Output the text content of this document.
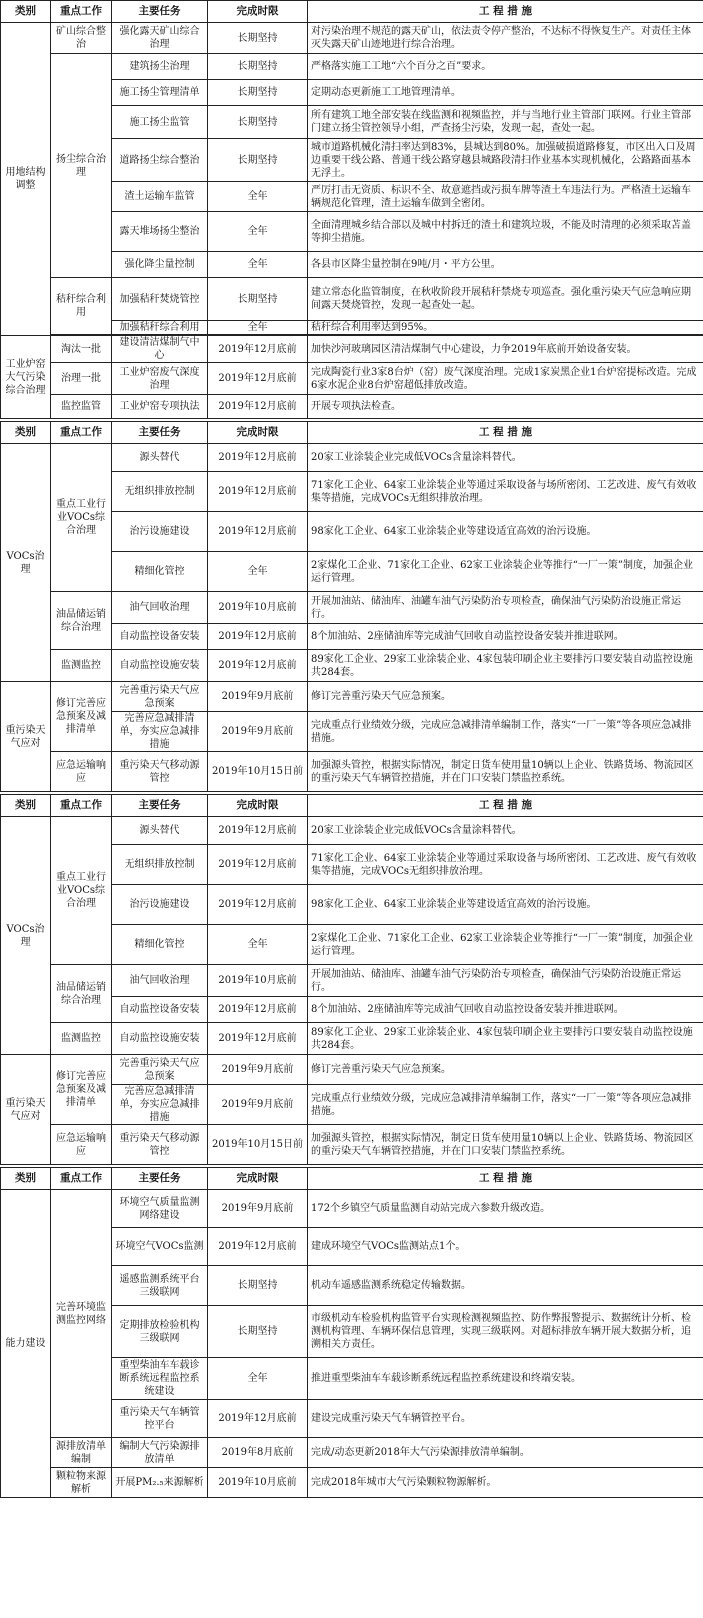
类别	重点工作	主要任务	完成时限	工 程 措 施
用地结构调整	矿山综合整治	强化露天矿山综合治理	长期坚持	对污染治理不规范的露天矿山，依法责令停产整治，不达标不得恢复生产。对责任主体灭失露天矿山迹地进行综合治理。
	扬尘综合治理	建筑扬尘治理	长期坚持	严格落实施工工地“六个百分之百”要求。
		施工扬尘管理清单	长期坚持	定期动态更新施工工地管理清单。
		施工扬尘监管	长期坚持	所有建筑工地全部安装在线监测和视频监控，并与当地行业主管部门联网。行业主管部门建立扬尘管控领导小组，严查扬尘污染，发现一起，查处一起。
		道路扬尘综合整治	长期坚持	城市道路机械化清扫率达到83%，县城达到80%。加强破损道路修复，市区出入口及周边重要干线公路、普通干线公路穿越县城路段清扫作业基本实现机械化，公路路面基本无浮土。
		渣土运输车监管	全年	严厉打击无资质、标识不全、故意遮挡或污损车牌等渣土车违法行为。严格渣土运输车辆规范化管理，渣土运输车做到全密闭。
		露天堆场扬尘整治	全年	全面清理城乡结合部以及城中村拆迁的渣土和建筑垃圾，不能及时清理的必须采取苫盖等抑尘措施。
		强化降尘量控制	全年	各县市区降尘量控制在9吨/月・平方公里。
	秸秆综合利用	加强秸秆焚烧管控	长期坚持	建立常态化监管制度，在秋收阶段开展秸秆禁烧专项巡查。强化重污染天气应急响应期间露天焚烧管控，发现一起查处一起。
		加强秸秆综合利用	全年	秸秆综合利用率达到95%。

工业炉窑大气污染综合治理	淘汰一批	建设清洁煤制气中心	2019年12月底前	加快沙河玻璃园区清洁煤制气中心建设，力争2019年底前开始设备安装。
	治理一批	工业炉窑废气深度治理	2019年12月底前	完成陶瓷行业3家8台炉（窑）废气深度治理。完成1家炭黑企业1台炉窑提标改造。完成6家水泥企业8台炉窑超低排放改造。
	监控监管	工业炉窑专项执法	2019年12月底前	开展专项执法检查。
类别	重点工作	主要任务	完成时限	工 程 措 施
VOCs治理	重点工业行业VOCs综合治理	源头替代	2019年12月底前	20家工业涂装企业完成低VOCs含量涂料替代。
		无组织排放控制	2019年12月底前	71家化工企业、64家工业涂装企业等通过采取设备与场所密闭、工艺改进、废气有效收集等措施，完成VOCs无组织排放治理。
		治污设施建设	2019年12月底前	98家化工企业、64家工业涂装企业等建设适宜高效的治污设施。
		精细化管控	全年	2家煤化工企业、71家化工企业、62家工业涂装企业等推行“一厂一策”制度，加强企业运行管理。
	油品储运销综合治理	油气回收治理	2019年10月底前	开展加油站、储油库、油罐车油气污染防治专项检查，确保油气污染防治设施正常运行。
		自动监控设备安装	2019年12月底前	8个加油站、2座储油库等完成油气回收自动监控设备安装并推进联网。
	监测监控	自动监控设施安装	2019年12月底前	89家化工企业、29家工业涂装企业、4家包装印刷企业主要排污口要安装自动监控设施共284套。
重污染天气应对	修订完善应急预案及减排清单	完善重污染天气应急预案	2019年9月底前	修订完善重污染天气应急预案。
		完善应急减排清单，夯实应急减排措施	2019年9月底前	完成重点行业绩效分级，完成应急减排清单编制工作，落实“一厂一策”等各项应急减排措施。
	应急运输响应	重污染天气移动源管控	2019年10月15日前	加强源头管控，根据实际情况，制定日货车使用量10辆以上企业、铁路货场、物流园区的重污染天气车辆管控措施，并在门口安装门禁监控系统。
类别	重点工作	主要任务	完成时限	工 程 措 施
VOCs治理	重点工业行业VOCs综合治理	源头替代	2019年12月底前	20家工业涂装企业完成低VOCs含量涂料替代。
		无组织排放控制	2019年12月底前	71家化工企业、64家工业涂装企业等通过采取设备与场所密闭、工艺改进、废气有效收集等措施，完成VOCs无组织排放治理。
		治污设施建设	2019年12月底前	98家化工企业、64家工业涂装企业等建设适宜高效的治污设施。
		精细化管控	全年	2家煤化工企业、71家化工企业、62家工业涂装企业等推行“一厂一策”制度，加强企业运行管理。
	油品储运销综合治理	油气回收治理	2019年10月底前	开展加油站、储油库、油罐车油气污染防治专项检查，确保油气污染防治设施正常运行。
		自动监控设备安装	2019年12月底前	8个加油站、2座储油库等完成油气回收自动监控设备安装并推进联网。
	监测监控	自动监控设施安装	2019年12月底前	89家化工企业、29家工业涂装企业、4家包装印刷企业主要排污口要安装自动监控设施共284套。
重污染天气应对	修订完善应急预案及减排清单	完善重污染天气应急预案	2019年9月底前	修订完善重污染天气应急预案。
		完善应急减排清单，夯实应急减排措施	2019年9月底前	完成重点行业绩效分级，完成应急减排清单编制工作，落实“一厂一策”等各项应急减排措施。
	应急运输响应	重污染天气移动源管控	2019年10月15日前	加强源头管控，根据实际情况，制定日货车使用量10辆以上企业、铁路货场、物流园区的重污染天气车辆管控措施，并在门口安装门禁监控系统。
类别	重点工作	主要任务	完成时限	工 程 措 施
能力建设	完善环境监测监控网络	环境空气质量监测网络建设	2019年9月底前	172个乡镇空气质量监测自动站完成六参数升级改造。
		环境空气VOCs监测	2019年12月底前	建成环境空气VOCs监测站点1个。
		遥感监测系统平台三级联网	长期坚持	机动车遥感监测系统稳定传输数据。
		定期排放检验机构三级联网	长期坚持	市级机动车检验机构监管平台实现检测视频监控、防作弊报警提示、数据统计分析、检测机构管理、车辆环保信息管理，实现三级联网。对超标排放车辆开展大数据分析，追溯相关方责任。
		重型柴油车车载诊断系统远程监控系统建设	全年	推进重型柴油车车载诊断系统远程监控系统建设和终端安装。
		重污染天气车辆管控平台	2019年12月底前	建设完成重污染天气车辆管控平台。
	源排放清单编制	编制大气污染源排放清单	2019年8月底前	完成/动态更新2018年大气污染源排放清单编制。
	颗粒物来源解析	开展PM₂.₅来源解析	2019年10月底前	完成2018年城市大气污染颗粒物源解析。
